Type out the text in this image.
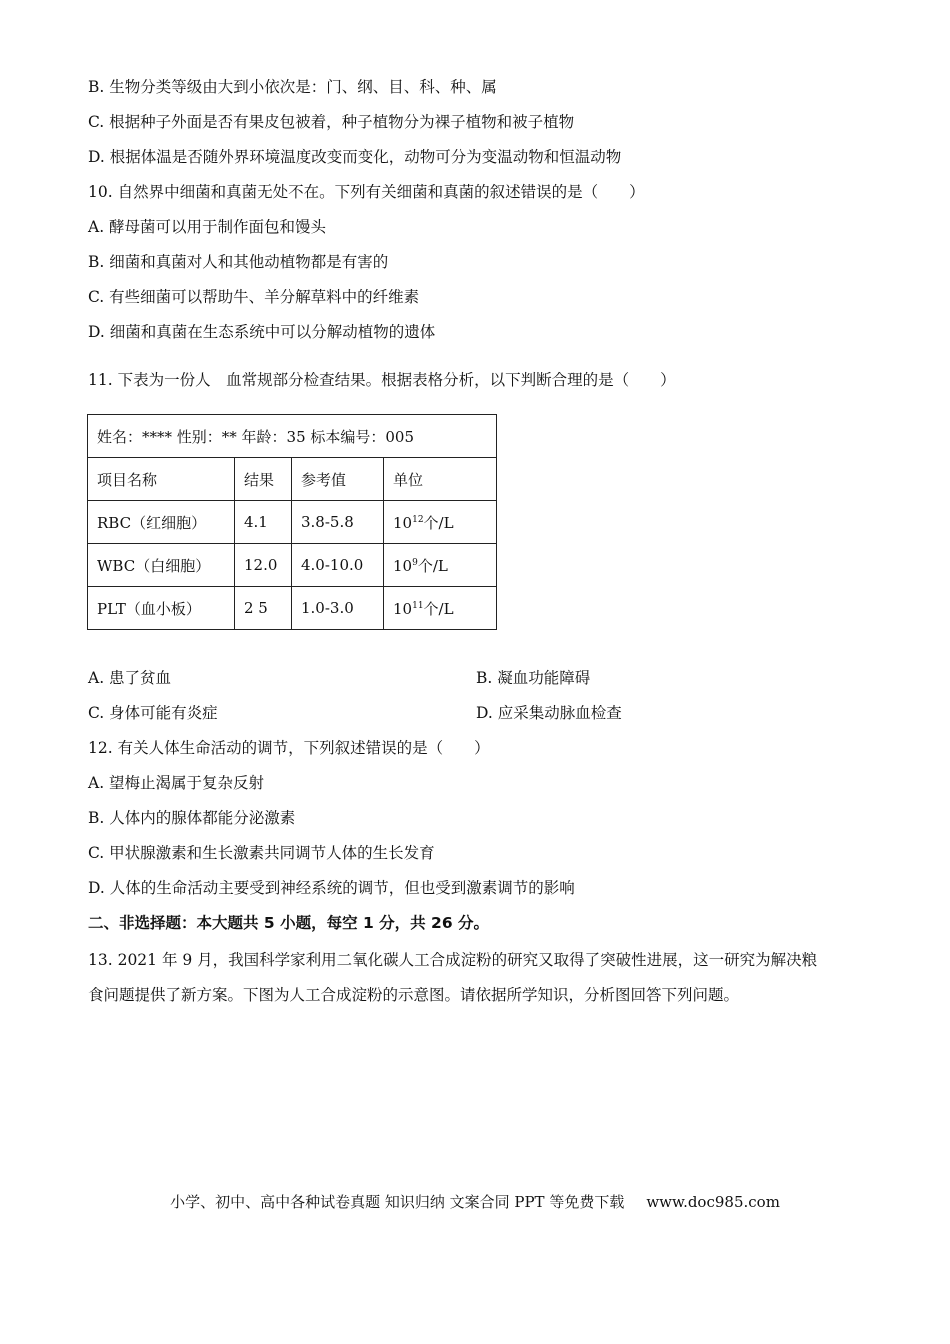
B. 生物分类等级由大到小依次是：门、纲、目、科、种、属
C. 根据种子外面是否有果皮包被着，种子植物分为裸子植物和被子植物
D. 根据体温是否随外界环境温度改变而变化，动物可分为变温动物和恒温动物
10. 自然界中细菌和真菌无处不在。下列有关细菌和真菌的叙述错误的是（　　）
A. 酵母菌可以用于制作面包和馒头
B. 细菌和真菌对人和其他动植物都是有害的
C. 有些细菌可以帮助牛、羊分解草料中的纤维素
D. 细菌和真菌在生态系统中可以分解动植物的遗体
11. 下表为一份人　血常规部分检查结果。根据表格分析，以下判断合理的是（　　）
姓名：**** 性别：** 年龄：35 标本编号：005			
项目名称	结果	参考值	单位
RBC（红细胞）	4.1	3.8-5.8	$10^{12}$个/L
WBC（白细胞）	12.0	4.0-10.0	$10^9$个/L
PLT（血小板）	2 5	1.0-3.0	$10^{11}$个/L
A. 患了贫血	B. 凝血功能障碍
C. 身体可能有炎症	D. 应采集动脉血检查
12. 有关人体生命活动的调节，下列叙述错误的是（　　）
A. 望梅止渴属于复杂反射
B. 人体内的腺体都能分泌激素
C. 甲状腺激素和生长激素共同调节人体的生长发育
D. 人体的生命活动主要受到神经系统的调节，但也受到激素调节的影响
二、非选择题：本大题共 5 小题，每空 1 分，共 26 分。
13. 2021 年 9 月，我国科学家利用二氧化碳人工合成淀粉的研究又取得了突破性进展，这一研究为解决粮
食问题提供了新方案。下图为人工合成淀粉的示意图。请依据所学知识，分析图回答下列问题。
小学、初中、高中各种试卷真题 知识归纳 文案合同 PPT 等免费下载 www.doc985.com
